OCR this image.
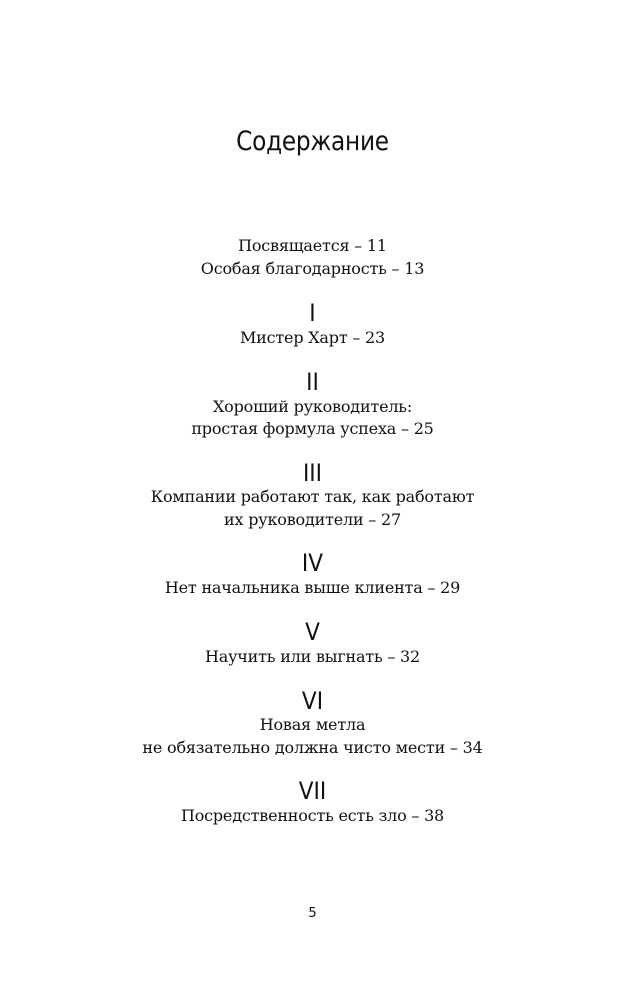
Содержание
Посвящается – 11
Особая благодарность – 13
I
Мистер Харт – 23
II
Хороший руководитель:
простая формула успеха – 25
III
Компании работают так, как работают
их руководители – 27
IV
Нет начальника выше клиента – 29
V
Научить или выгнать – 32
VI
Новая метла
не обязательно должна чисто мести – 34
VII
Посредственность есть зло – 38
5
